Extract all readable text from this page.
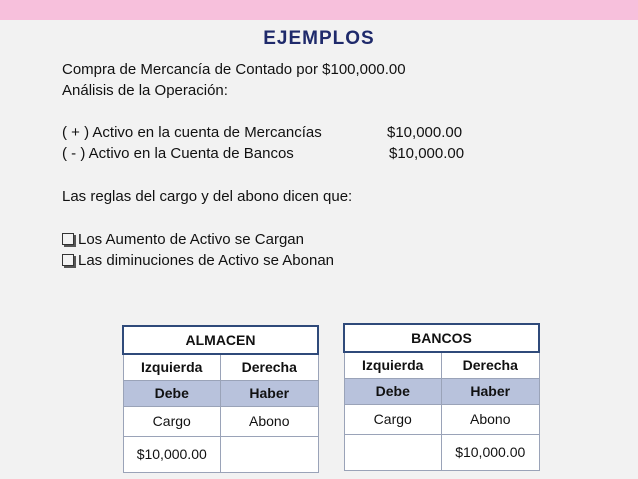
EJEMPLOS
Compra de Mercancía de Contado por $100,000.00
Análisis de la Operación:
( + ) Activo en la cuenta de Mercancías	$10,000.00
( - ) Activo en la Cuenta de Bancos	$10,000.00
Las reglas del cargo y del abono dicen que:
Los Aumento de Activo se Cargan
Las diminuciones de Activo se Abonan
ALMACEN	
Izquierda	Derecha
Debe	Haber
Cargo	Abono
$10,000.00	
BANCOS	
Izquierda	Derecha
Debe	Haber
Cargo	Abono
	$10,000.00
